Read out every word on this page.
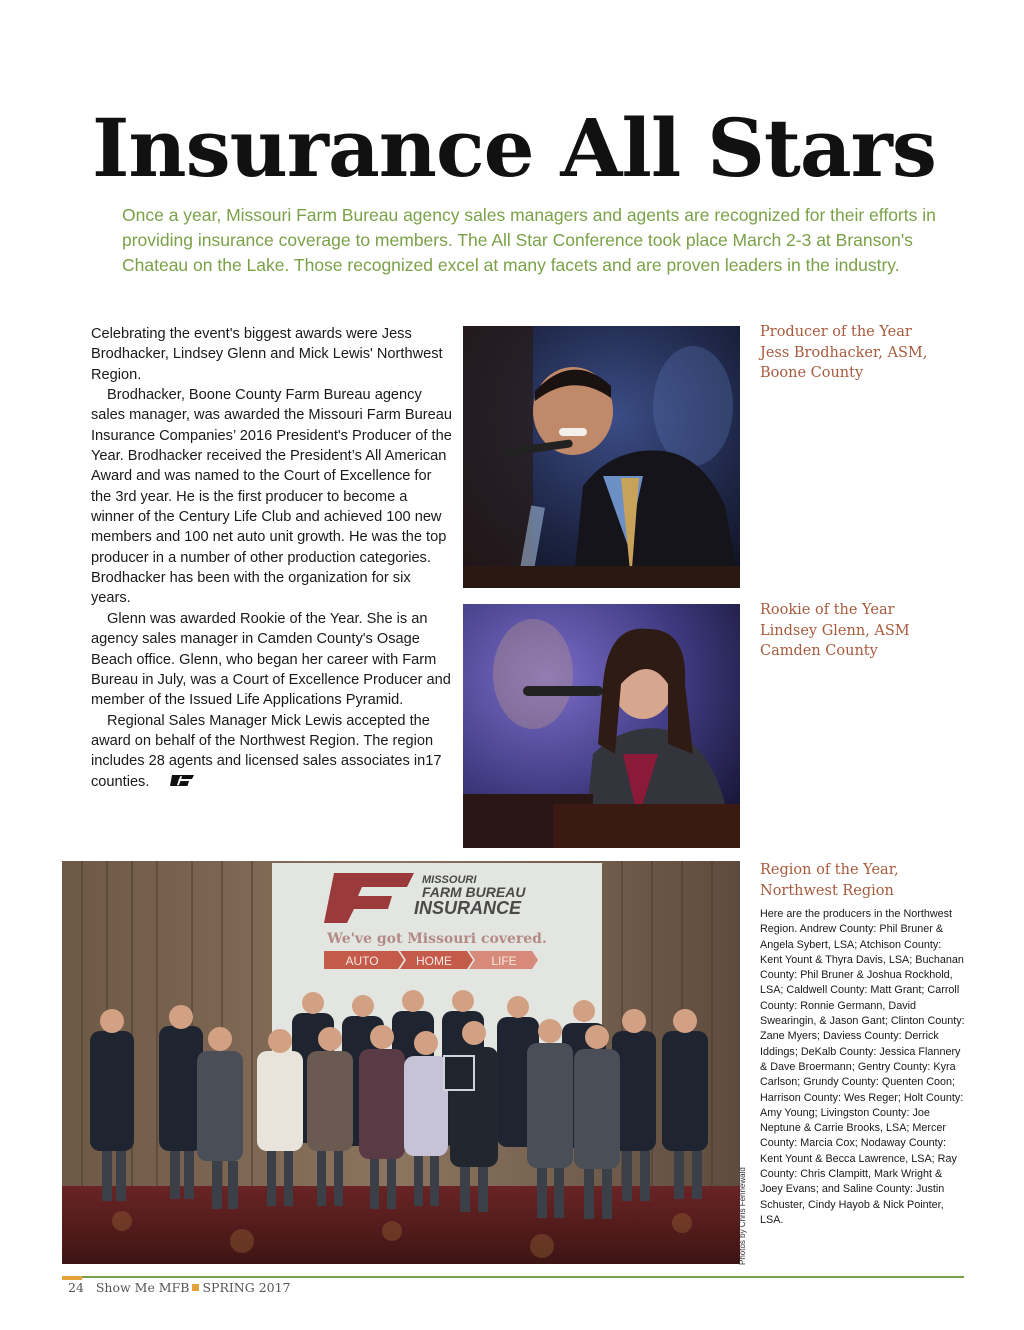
Insurance All Stars

Once a year, Missouri Farm Bureau agency sales managers and agents are recognized for their efforts in providing insurance coverage to members. The All Star Conference took place March 2-3 at Branson's Chateau on the Lake. Those recognized excel at many facets and are proven leaders in the industry.

Celebrating the event's biggest awards were Jess Brodhacker, Lindsey Glenn and Mick Lewis' Northwest Region.

Brodhacker, Boone County Farm Bureau agency sales manager, was awarded the Missouri Farm Bureau Insurance Companies’ 2016 President's Producer of the Year. Brodhacker received the President’s All American Award and was named to the Court of Excellence for the 3rd year. He is the first producer to become a winner of the Century Life Club and achieved 100 new members and 100 net auto unit growth. He was the top producer in a number of other production categories. Brodhacker has been with the organization for six years.

Glenn was awarded Rookie of the Year. She is an agency sales manager in Camden County's Osage Beach office. Glenn, who began her career with Farm Bureau in July, was a Court of Excellence Producer and member of the Issued Life Applications Pyramid.

Regional Sales Manager Mick Lewis accepted the award on behalf of the Northwest Region. The region includes 28 agents and licensed sales associates in17 counties.

Producer of the Year
Jess Brodhacker, ASM,
Boone County
Rookie of the Year
Lindsey Glenn, ASM
Camden County
MISSOURI
FARM BUREAU
INSURANCE
We've got Missouri covered.
AUTO	HOME	LIFE
Region of the Year,
Northwest Region
Here are the producers in the Northwest Region. Andrew County: Phil Bruner & Angela Sybert, LSA; Atchison County: Kent Yount & Thyra Davis, LSA; Buchanan County: Phil Bruner & Joshua Rockhold, LSA; Caldwell County: Matt Grant; Carroll County: Ronnie Germann, David Swearingin, & Jason Gant; Clinton County: Zane Myers; Daviess County: Derrick Iddings; DeKalb County: Jessica Flannery & Dave Broermann; Gentry County: Kyra Carlson; Grundy County: Quenten Coon; Harrison County: Wes Reger; Holt County: Amy Young; Livingston County: Joe Neptune & Carrie Brooks, LSA; Mercer County: Marcia Cox; Nodaway County: Kent Yount & Becca Lawrence, LSA; Ray County: Chris Clampitt, Mark Wright & Joey Evans; and Saline County: Justin Schuster, Cindy Hayob & Nick Pointer, LSA.
Photos by Chris Fennewald
24 Show Me MFB SPRING 2017
